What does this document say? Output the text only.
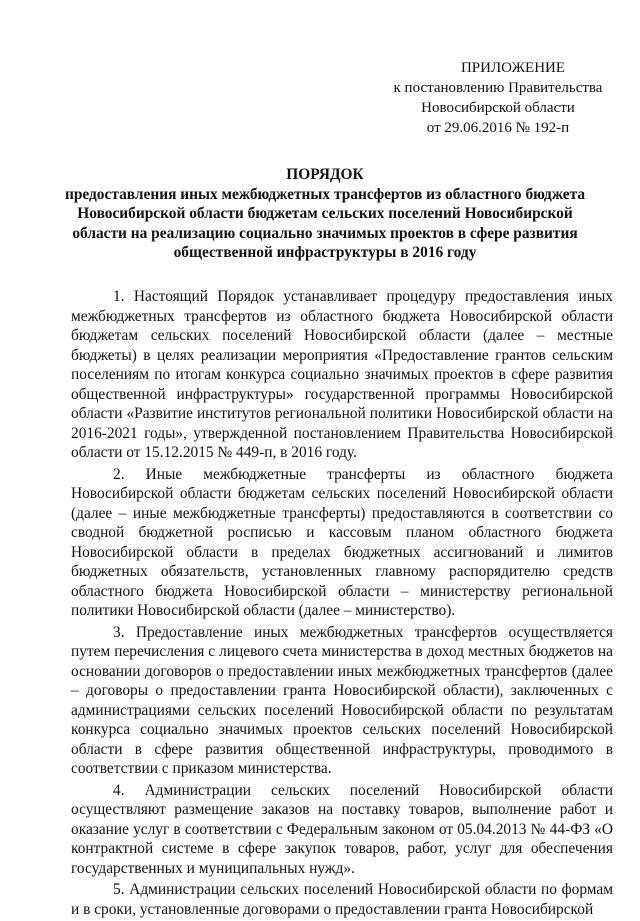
ПРИЛОЖЕНИЕ
к постановлению Правительства
Новосибирской области
от 29.06.2016 № 192-п
ПОРЯДОК
предоставления иных межбюджетных трансфертов из областного бюджета
Новосибирской области бюджетам сельских поселений Новосибирской
области на реализацию социально значимых проектов в сфере развития
общественной инфраструктуры в 2016 году

1. Настоящий Порядок устанавливает процедуру предоставления иных межбюджетных трансфертов из областного бюджета Новосибирской области бюджетам сельских поселений Новосибирской области (далее – местные бюджеты) в целях реализации мероприятия «Предоставление грантов сельским поселениям по итогам конкурса социально значимых проектов в сфере развития общественной инфраструктуры» государственной программы Новосибирской области «Развитие институтов региональной политики Новосибирской области на 2016-2021 годы», утвержденной постановлением Правительства Новосибирской области от 15.12.2015 № 449-п, в 2016 году.

2. Иные межбюджетные трансферты из областного бюджета Новосибирской области бюджетам сельских поселений Новосибирской области (далее – иные межбюджетные трансферты) предоставляются в соответствии со сводной бюджетной росписью и кассовым планом областного бюджета Новосибирской области в пределах бюджетных ассигнований и лимитов бюджетных обязательств, установленных главному распорядителю средств областного бюджета Новосибирской области – министерству региональной политики Новосибирской области (далее – министерство).

3. Предоставление иных межбюджетных трансфертов осуществляется путем перечисления с лицевого счета министерства в доход местных бюджетов на основании договоров о предоставлении иных межбюджетных трансфертов (далее – договоры о предоставлении гранта Новосибирской области), заключенных с администрациями сельских поселений Новосибирской области по результатам конкурса социально значимых проектов сельских поселений Новосибирской области в сфере развития общественной инфраструктуры, проводимого в соответствии с приказом министерства.

4. Администрации сельских поселений Новосибирской области осуществляют размещение заказов на поставку товаров, выполнение работ и оказание услуг в соответствии с Федеральным законом от 05.04.2013 № 44-ФЗ «О контрактной системе в сфере закупок товаров, работ, услуг для обеспечения государственных и муниципальных нужд».

5. Администрации сельских поселений Новосибирской области по формам и в сроки, установленные договорами о предоставлении гранта Новосибирской
